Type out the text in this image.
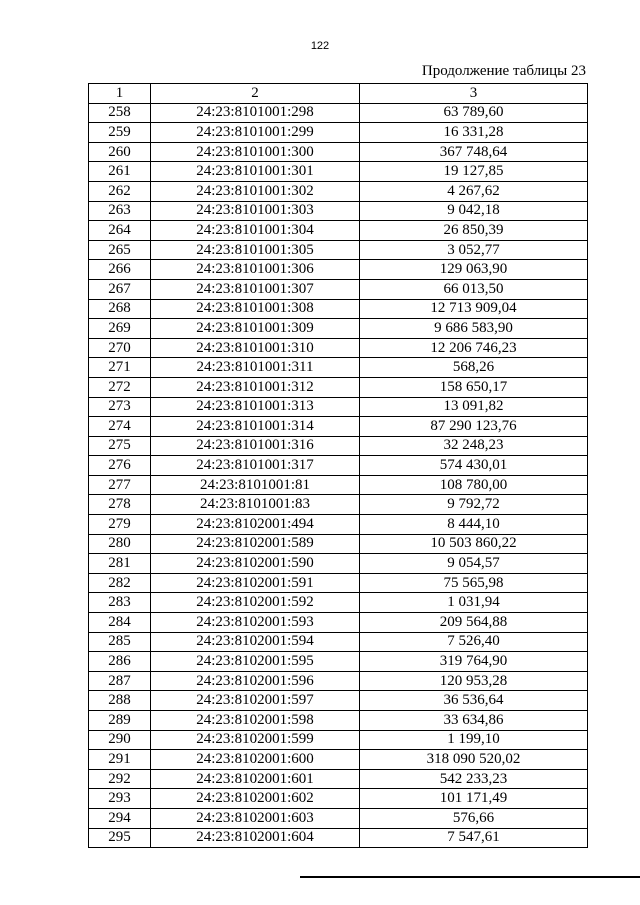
122
Продолжение таблицы 23
1	2	3
258	24:23:8101001:298	63 789,60
259	24:23:8101001:299	16 331,28
260	24:23:8101001:300	367 748,64
261	24:23:8101001:301	19 127,85
262	24:23:8101001:302	4 267,62
263	24:23:8101001:303	9 042,18
264	24:23:8101001:304	26 850,39
265	24:23:8101001:305	3 052,77
266	24:23:8101001:306	129 063,90
267	24:23:8101001:307	66 013,50
268	24:23:8101001:308	12 713 909,04
269	24:23:8101001:309	9 686 583,90
270	24:23:8101001:310	12 206 746,23
271	24:23:8101001:311	568,26
272	24:23:8101001:312	158 650,17
273	24:23:8101001:313	13 091,82
274	24:23:8101001:314	87 290 123,76
275	24:23:8101001:316	32 248,23
276	24:23:8101001:317	574 430,01
277	24:23:8101001:81	108 780,00
278	24:23:8101001:83	9 792,72
279	24:23:8102001:494	8 444,10
280	24:23:8102001:589	10 503 860,22
281	24:23:8102001:590	9 054,57
282	24:23:8102001:591	75 565,98
283	24:23:8102001:592	1 031,94
284	24:23:8102001:593	209 564,88
285	24:23:8102001:594	7 526,40
286	24:23:8102001:595	319 764,90
287	24:23:8102001:596	120 953,28
288	24:23:8102001:597	36 536,64
289	24:23:8102001:598	33 634,86
290	24:23:8102001:599	1 199,10
291	24:23:8102001:600	318 090 520,02
292	24:23:8102001:601	542 233,23
293	24:23:8102001:602	101 171,49
294	24:23:8102001:603	576,66
295	24:23:8102001:604	7 547,61
